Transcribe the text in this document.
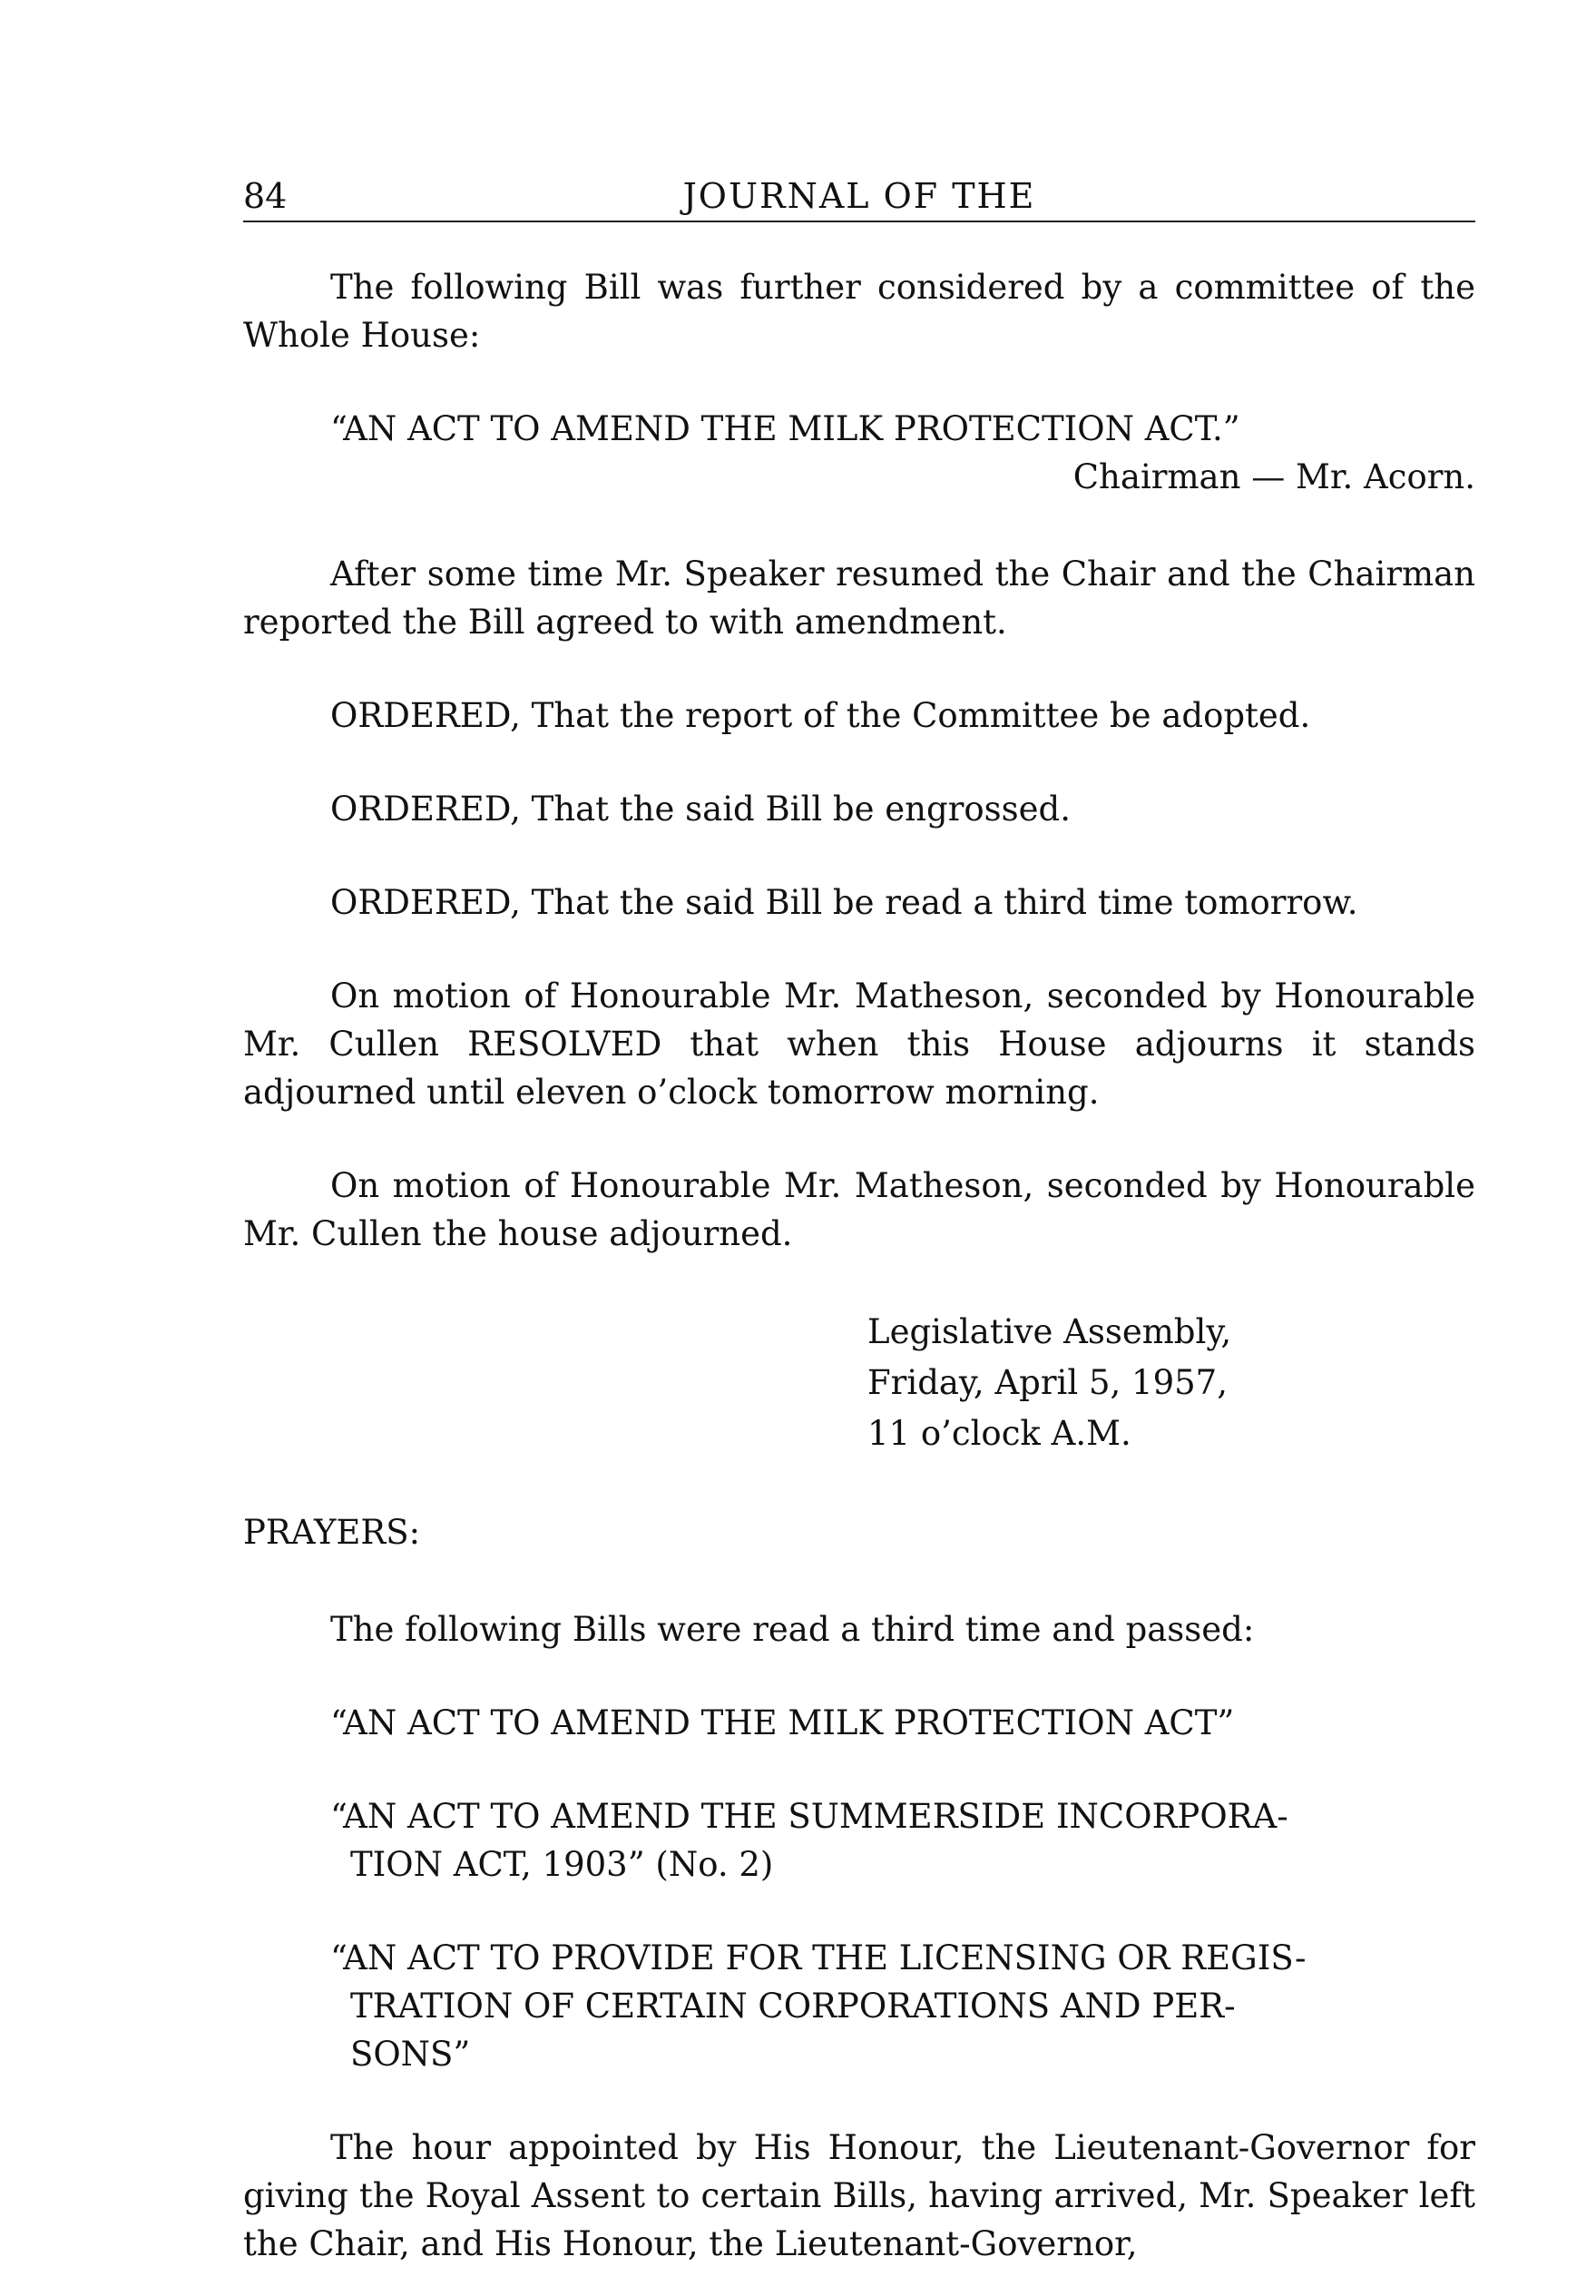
84	JOURNAL OF THE

The following Bill was further considered by a committee of the Whole House:

“AN ACT TO AMEND THE MILK PROTECTION ACT.”

Chairman — Mr. Acorn.

After some time Mr. Speaker resumed the Chair and the Chairman reported the Bill agreed to with amendment.

ORDERED, That the report of the Committee be adopted.

ORDERED, That the said Bill be engrossed.

ORDERED, That the said Bill be read a third time tomorrow.

On motion of Honourable Mr. Matheson, seconded by Honourable Mr. Cullen RESOLVED that when this House adjourns it stands adjourned until eleven o’clock tomorrow morning.

On motion of Honourable Mr. Matheson, seconded by Honourable Mr. Cullen the house adjourned.

Legislative Assembly,

Friday, April 5, 1957,

11 o’clock A.M.

PRAYERS:

The following Bills were read a third time and passed:

“AN ACT TO AMEND THE MILK PROTECTION ACT”

“AN ACT TO AMEND THE SUMMERSIDE INCORPORA-
TION ACT, 1903” (No. 2)

“AN ACT TO PROVIDE FOR THE LICENSING OR REGIS-
TRATION OF CERTAIN CORPORATIONS AND PER-
SONS”

The hour appointed by His Honour, the Lieutenant-Governor for giving the Royal Assent to certain Bills, having arrived, Mr. Speaker left the Chair, and His Honour, the Lieutenant-Governor,
